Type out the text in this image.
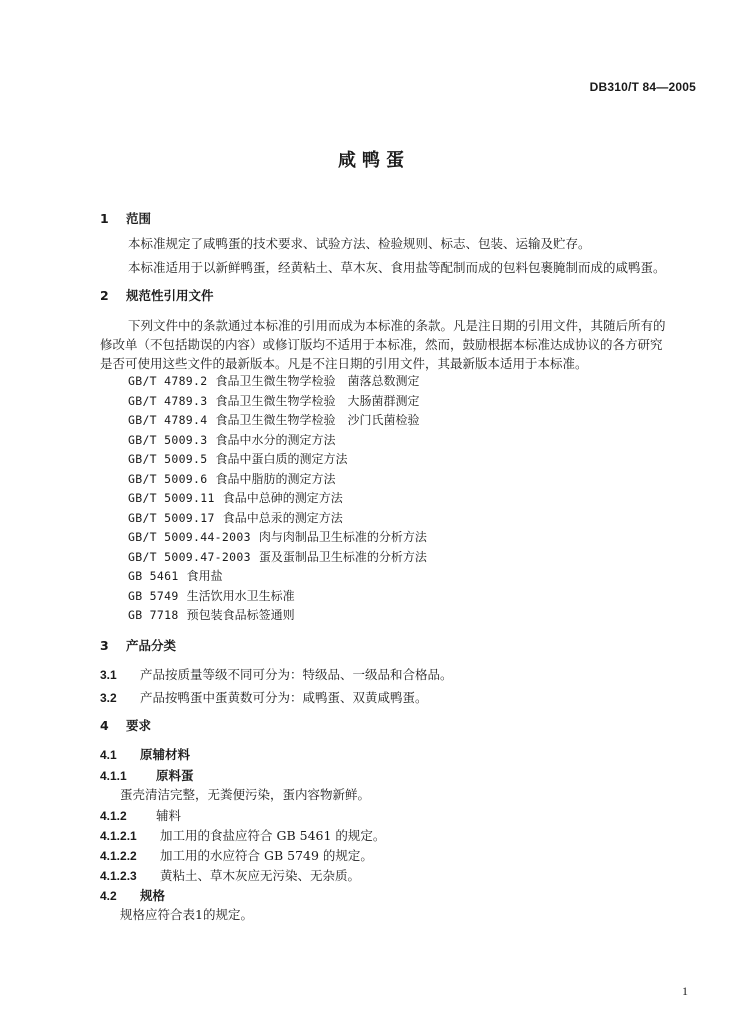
DB310/T 84—2005
咸鸭蛋
1 范围
本标准规定了咸鸭蛋的技术要求、试验方法、检验规则、标志、包装、运输及贮存。
本标准适用于以新鲜鸭蛋，经黄粘土、草木灰、食用盐等配制而成的包料包裹腌制而成的咸鸭蛋。
2 规范性引用文件
下列文件中的条款通过本标准的引用而成为本标准的条款。凡是注日期的引用文件，其随后所有的
修改单（不包括勘误的内容）或修订版均不适用于本标准，然而，鼓励根据本标准达成协议的各方研究
是否可使用这些文件的最新版本。凡是不注日期的引用文件，其最新版本适用于本标准。
GB/T 4789.2 食品卫生微生物学检验　菌落总数测定
GB/T 4789.3 食品卫生微生物学检验　大肠菌群测定
GB/T 4789.4 食品卫生微生物学检验　沙门氏菌检验
GB/T 5009.3 食品中水分的测定方法
GB/T 5009.5 食品中蛋白质的测定方法
GB/T 5009.6 食品中脂肪的测定方法
GB/T 5009.11 食品中总砷的测定方法
GB/T 5009.17 食品中总汞的测定方法
GB/T 5009.44-2003 肉与肉制品卫生标准的分析方法
GB/T 5009.47-2003 蛋及蛋制品卫生标准的分析方法
GB 5461 食用盐
GB 5749 生活饮用水卫生标准
GB 7718 预包装食品标签通则
3 产品分类
3.1 产品按质量等级不同可分为：特级品、一级品和合格品。
3.2 产品按鸭蛋中蛋黄数可分为：咸鸭蛋、双黄咸鸭蛋。
4 要求
4.1 原辅材料
4.1.1 原料蛋
蛋壳清洁完整，无粪便污染，蛋内容物新鲜。
4.1.2 辅料
4.1.2.1 加工用的食盐应符合 GB 5461 的规定。
4.1.2.2 加工用的水应符合 GB 5749 的规定。
4.1.2.3 黄粘土、草木灰应无污染、无杂质。
4.2 规格
规格应符合表1的规定。
1
